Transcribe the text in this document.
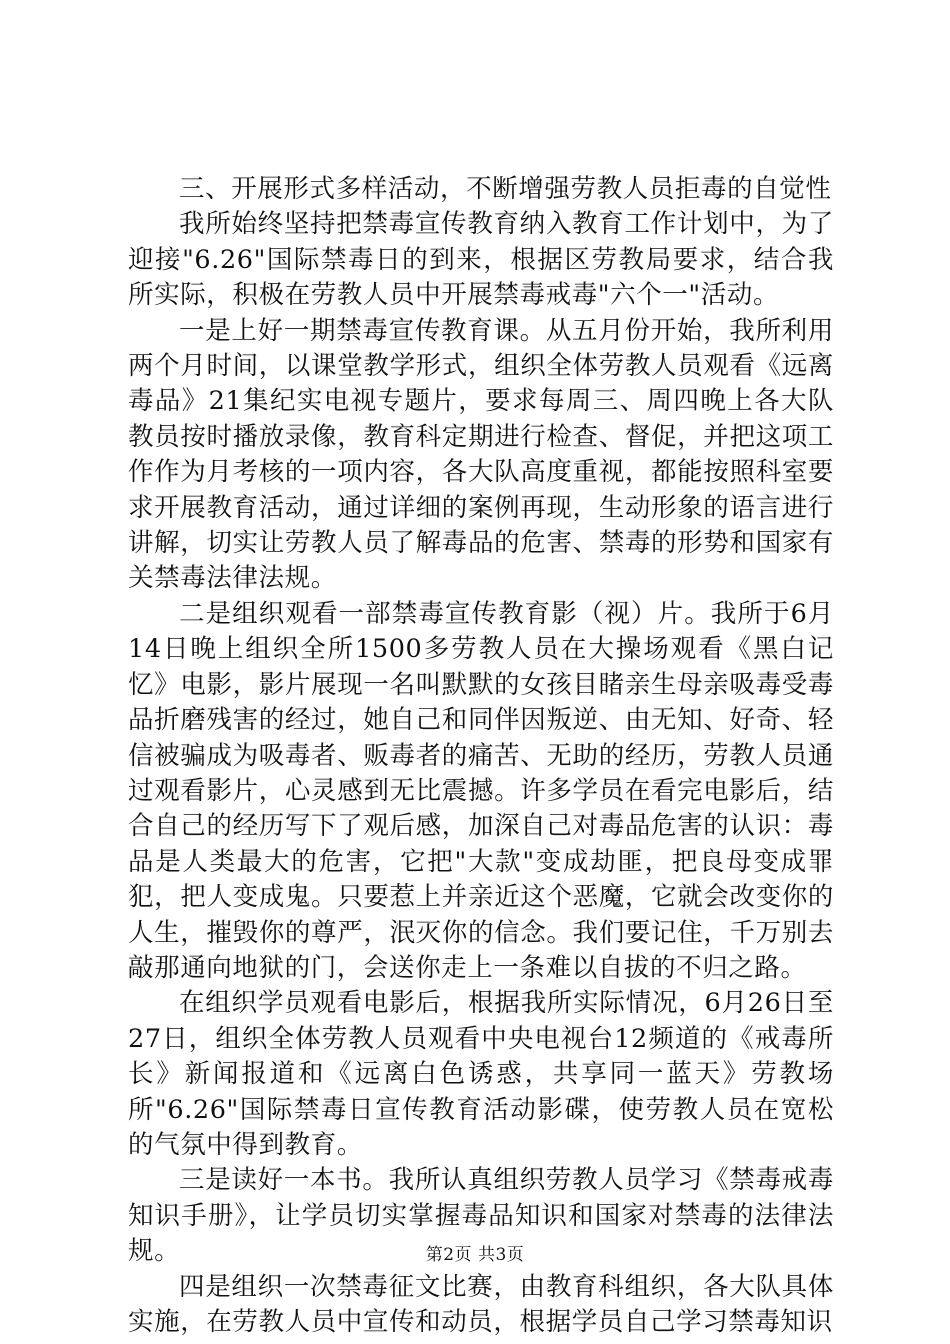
三、开展形式多样活动，不断增强劳教人员拒毒的自觉性

我所始终坚持把禁毒宣传教育纳入教育工作计划中，为了迎接"6.26"国际禁毒日的到来，根据区劳教局要求，结合我所实际，积极在劳教人员中开展禁毒戒毒"六个一"活动。

一是上好一期禁毒宣传教育课。从五月份开始，我所利用两个月时间，以课堂教学形式，组织全体劳教人员观看《远离毒品》21集纪实电视专题片，要求每周三、周四晚上各大队教员按时播放录像，教育科定期进行检查、督促，并把这项工作作为月考核的一项内容，各大队高度重视，都能按照科室要求开展教育活动，通过详细的案例再现，生动形象的语言进行讲解，切实让劳教人员了解毒品的危害、禁毒的形势和国家有关禁毒法律法规。

二是组织观看一部禁毒宣传教育影（视）片。我所于6月14日晚上组织全所1500多劳教人员在大操场观看《黑白记忆》电影，影片展现一名叫默默的女孩目睹亲生母亲吸毒受毒品折磨残害的经过，她自己和同伴因叛逆、由无知、好奇、轻信被骗成为吸毒者、贩毒者的痛苦、无助的经历，劳教人员通过观看影片，心灵感到无比震撼。许多学员在看完电影后，结合自己的经历写下了观后感，加深自己对毒品危害的认识：毒品是人类最大的危害，它把"大款"变成劫匪，把良母变成罪犯，把人变成鬼。只要惹上并亲近这个恶魔，它就会改变你的人生，摧毁你的尊严，泯灭你的信念。我们要记住，千万别去敲那通向地狱的门，会送你走上一条难以自拔的不归之路。

在组织学员观看电影后，根据我所实际情况，6月26日至27日，组织全体劳教人员观看中央电视台12频道的《戒毒所长》新闻报道和《远离白色诱惑，共享同一蓝天》劳教场所"6.26"国际禁毒日宣传教育活动影碟，使劳教人员在宽松的气氛中得到教育。

三是读好一本书。我所认真组织劳教人员学习《禁毒戒毒知识手册》，让学员切实掌握毒品知识和国家对禁毒的法律法规。

四是组织一次禁毒征文比赛，由教育科组织，各大队具体实施，在劳教人员中宣传和动员，根据学员自己学习禁毒知识

第2页 共3页
